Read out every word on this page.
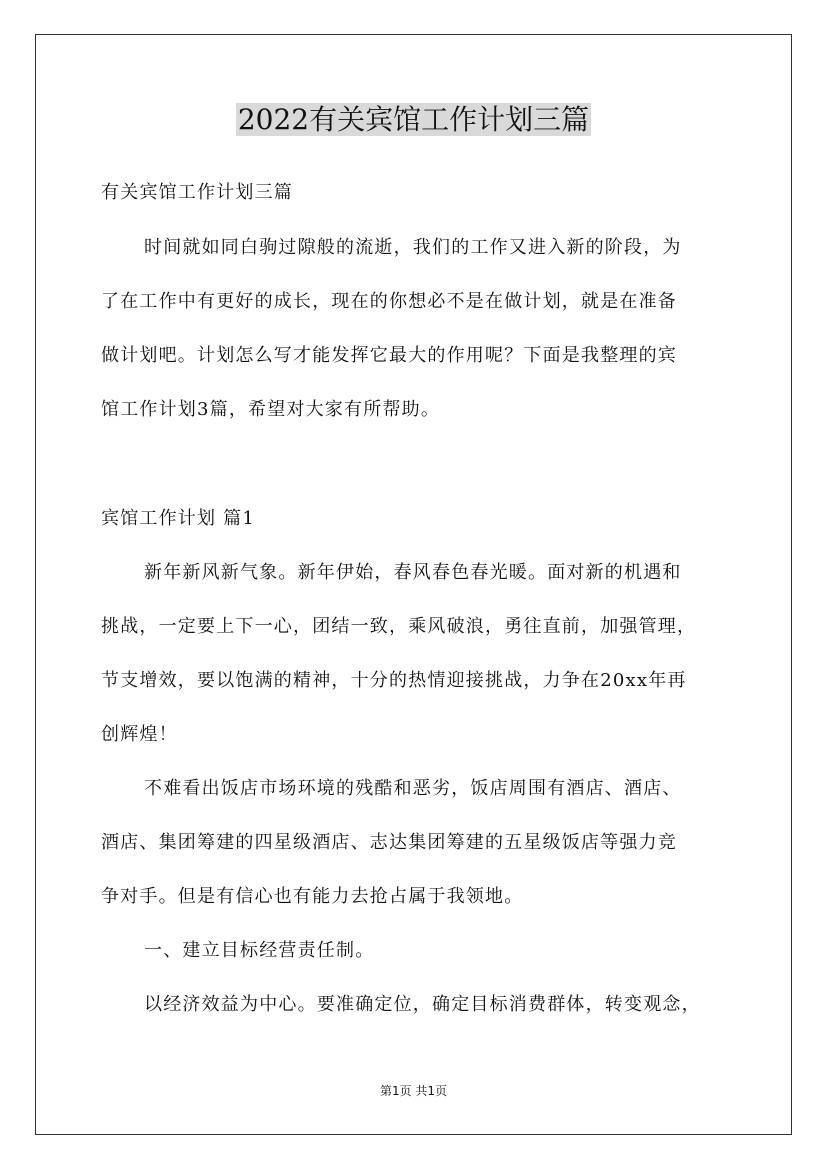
2022有关宾馆工作计划三篇
有关宾馆工作计划三篇
时间就如同白驹过隙般的流逝，我们的工作又进入新的阶段，为
了在工作中有更好的成长，现在的你想必不是在做计划，就是在准备
做计划吧。计划怎么写才能发挥它最大的作用呢？下面是我整理的宾
馆工作计划3篇，希望对大家有所帮助。
宾馆工作计划 篇1
新年新风新气象。新年伊始，春风春色春光暖。面对新的机遇和
挑战，一定要上下一心，团结一致，乘风破浪，勇往直前，加强管理，
节支增效，要以饱满的精神，十分的热情迎接挑战，力争在20xx年再
创辉煌！
不难看出饭店市场环境的残酷和恶劣，饭店周围有酒店、酒店、
酒店、集团筹建的四星级酒店、志达集团筹建的五星级饭店等强力竞
争对手。但是有信心也有能力去抢占属于我领地。
一、建立目标经营责任制。
以经济效益为中心。要准确定位，确定目标消费群体，转变观念，
第1页 共1页
